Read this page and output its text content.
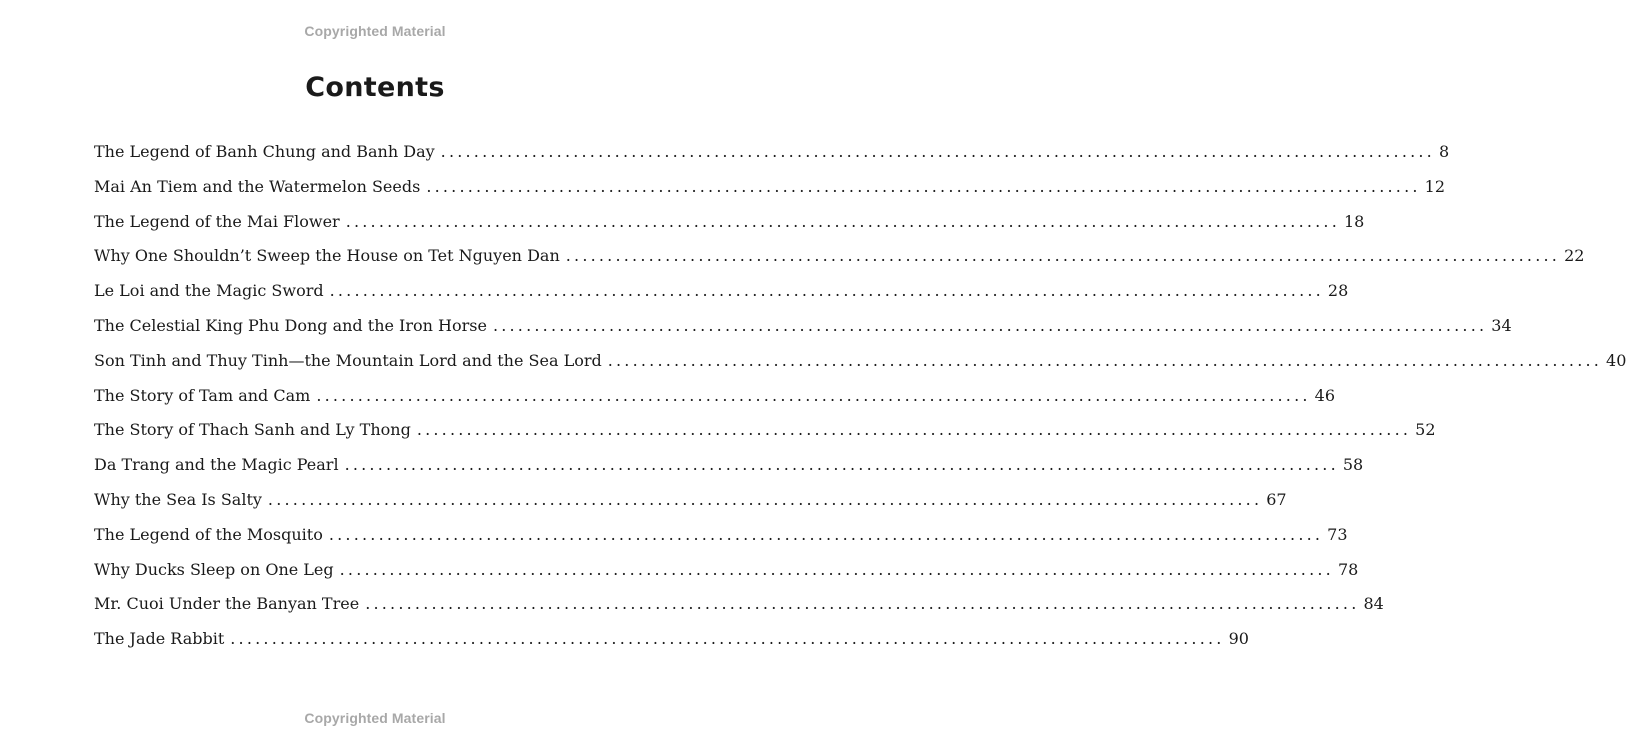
Copyrighted Material
Contents
The Legend of Banh Chung and Banh Day ........................................................................................................................ 8
Mai An Tiem and the Watermelon Seeds ........................................................................................................................ 12
The Legend of the Mai Flower ........................................................................................................................ 18
Why One Shouldn’t Sweep the House on Tet Nguyen Dan ........................................................................................................................ 22
Le Loi and the Magic Sword ........................................................................................................................ 28
The Celestial King Phu Dong and the Iron Horse ........................................................................................................................ 34
Son Tinh and Thuy Tinh—the Mountain Lord and the Sea Lord ........................................................................................................................ 40
The Story of Tam and Cam ........................................................................................................................ 46
The Story of Thach Sanh and Ly Thong ........................................................................................................................ 52
Da Trang and the Magic Pearl ........................................................................................................................ 58
Why the Sea Is Salty ........................................................................................................................ 67
The Legend of the Mosquito ........................................................................................................................ 73
Why Ducks Sleep on One Leg ........................................................................................................................ 78
Mr. Cuoi Under the Banyan Tree ........................................................................................................................ 84
The Jade Rabbit ........................................................................................................................ 90
Copyrighted Material
